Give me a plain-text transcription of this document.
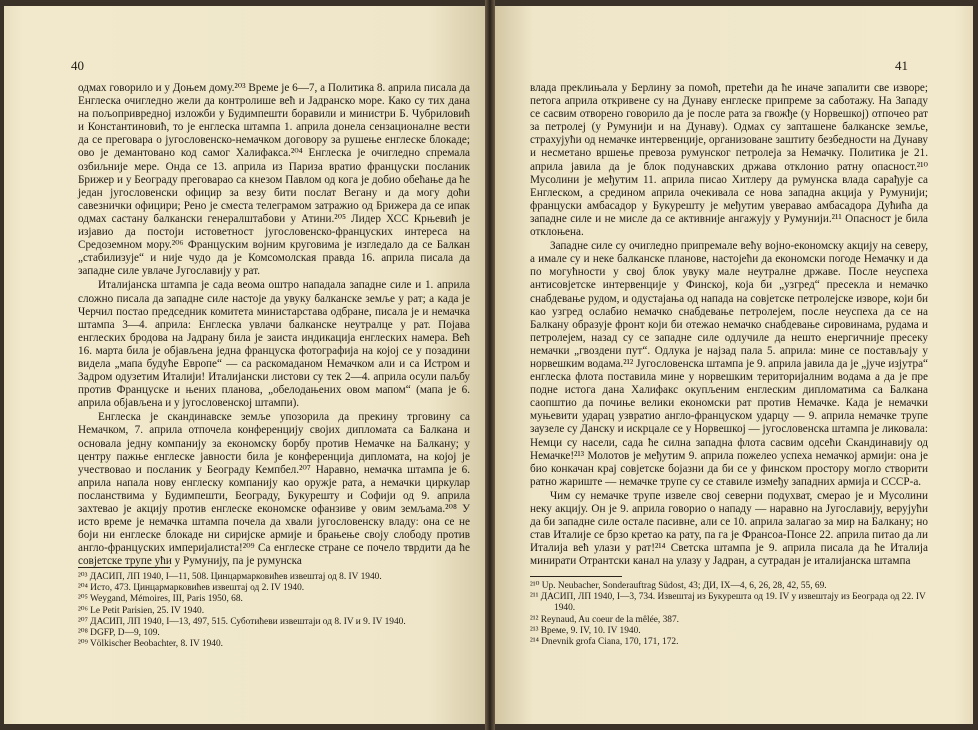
40

одмах говорило и у Доњем дому.²⁰³ Време је 6—7, а Политика 8. априла писала да Енглеска очигледно жели да контролише већ и Јадранско море. Како су тих дана на пољопривредној изложби у Будимпешти боравили и министри Б. Чубриловић и Константиновић, то је енглеска штампа 1. априла донела сензационалне вести да се преговара о југословенско-немачком договору за рушење енглеске блокаде; ово је демантовано код самог Халифакса.²⁰⁴ Енглеска је очигледно спремала озбиљније мере. Онда се 13. априла из Париза вратио француски посланик Брижер и у Београду преговарао са кнезом Павлом од кога је добио обећање да ће један југословенски официр за везу бити послат Вегану и да могу доћи савезнички официри; Рено је сместа телеграмом затражио од Брижера да се ипак одмах састану балкански генералштабови у Атини.²⁰⁵ Лидер ХСС Крњевић је изјавио да постоји истоветност југословенско-француских интереса на Средоземном мору.²⁰⁶ Француским војним круговима је изгледало да се Балкан „стабилизује“ и није чудо да је Комсомолская правда 16. априла писала да западне силе увлаче Југославију у рат.

Италијанска штампа је сада веома оштро нападала западне силе и 1. априла сложно писала да западне силе настоје да увуку балканске земље у рат; а када је Черчил постао председник комитета министарстава одбране, писала је и немачка штампа 3—4. априла: Енглеска увлачи балканске неутралце у рат. Појава енглеских бродова на Јадрану била је заиста индикација енглеских намера. Већ 16. марта била је објављена једна француска фотографија на којој се у позадини видела „мапа будуће Европе“ — са раскомаданом Немачком али и са Истром и Задром одузетим Италији! Италијански листови су тек 2—4. априла осули паљбу против Француске и њених планова, „обелодањених овом мапом“ (мапа је 6. априла објављена и у југословенској штампи).

Енглеска је скандинавске земље упозорила да прекину трговину са Немачком, 7. априла отпочела конференцију својих дипломата са Балкана и основала једну компанију за економску борбу против Немачке на Балкану; у центру пажње енглеске јавности била је конференција дипломата, на којој је учествовао и посланик у Београду Кемпбел.²⁰⁷ Наравно, немачка штампа је 6. априла напала нову енглеску компанију као оружје рата, а немачки циркулар посланствима у Будимпешти, Београду, Букурешту и Софији од 9. априла захтевао је акцију против енглеске економске офанзиве у овим земљама.²⁰⁸ У исто време је немачка штампа почела да хвали југословенску владу: она се не боји ни енглеске блокаде ни сиријске армије и брањење своју слободу против англо-француских империјалиста!²⁰⁹ Са енглеске стране се почело тврдити да ће совјетске трупе ући у Румунију, па је румунска

²⁰³ ДАСИП, ЛП 1940, I—11, 508. Цинцармарковићев извештај од 8. IV 1940.
²⁰⁴ Исто, 473. Цинцармарковићев извештај од 2. IV 1940.
²⁰⁵ Weygand, Mémoires, III, Paris 1950, 68.
²⁰⁶ Le Petit Parisien, 25. IV 1940.
²⁰⁷ ДАСИП, ЛП 1940, I—13, 497, 515. Суботићеви извештаји од 8. IV и 9. IV 1940.
²⁰⁸ DGFP, D—9, 109.
²⁰⁹ Völkischer Beobachter, 8. IV 1940.
41

влада преклињала у Берлину за помоћ, претећи да ће иначе запалити све изворе; петога априла откривене су на Дунаву енглеске припреме за саботажу. На Западу се сасвим отворено говорило да је после рата за гвожђе (у Норвешкој) отпочео рат за петролеј (у Румунији и на Дунаву). Одмах су запташене балканске земље, страхујући од немачке интервенције, организоване заштиту безбедности на Дунаву и несметано вршење превоза румунског петролеја за Немачку. Политика је 21. априла јавила да је блок подунавских држава отклонио ратну опасност.²¹⁰ Мусолини је међутим 11. априла писао Хитлеру да румунска влада сарађује са Енглеском, а средином априла очекивала се нова западна акција у Румунији; француски амбасадор у Букурешту је међутим уверавао амбасадора Дућића да западне силе и не мисле да се активније ангажују у Румунији.²¹¹ Опасност је била отклоњена.

Западне силе су очигледно припремале већу војно-економску акцију на северу, а имале су и неке балканске планове, настојећи да економски погоде Немачку и да по могућности у свој блок увуку мале неутралне државе. После неуспеха антисовјетске интервенције у Финској, која би „узгред“ пресекла и немачко снабдевање рудом, и одустајања од напада на совјетске петролејске изворе, који би као узгред ослабио немачко снабдевање петролејем, после неуспеха да се на Балкану образује фронт који би отежао немачко снабдевање сировинама, рудама и петролејем, назад су се западне силе одлучиле да нешто енергичније пресеку немачки „гвоздени пут“. Одлука је најзад пала 5. априла: мине се постављају у норвешким водама.²¹² Југословенска штампа је 9. априла јавила да је „јуче изјутра“ енглеска флота поставила мине у норвешким територијалним водама а да је пре подне истога дана Халифакс окупљеним енглеским дипломатима са Балкана саопштио да почиње велики економски рат против Немачке. Када је немачки муњевити ударац узвратио англо-француском ударцу — 9. априла немачке трупе заузеле су Данску и искрцале се у Норвешкој — југословенска штампа је ликовала: Немци су насели, сада ће силна западна флота сасвим одсећи Скандинавију од Немачке!²¹³ Молотов је међутим 9. априла пожелео успеха немачкој армији: она је био конкачан крај совјетске бојазни да би се у финском простору могло створити ратно жариште — немачке трупе су се ставиле између западних армија и СССР-а.

Чим су немачке трупе извеле свој северни подухват, смерао је и Мусолини неку акцију. Он је 9. априла говорио о нападу — наравно на Југославију, верујући да би западне силе остале пасивне, али се 10. априла залагао за мир на Балкану; но став Италије се брзо кретао ка рату, па га је Франсоа-Понсе 22. априла питао да ли Италија већ улази у рат!²¹⁴ Светска штампа је 9. априла писала да ће Италија минирати Отрантски канал на улазу у Јадран, а сутрадан је италијанска штампа

²¹⁰ Up. Neubacher, Sonderauftrag Südost, 43; ДИ, IX—4, 6, 26, 28, 42, 55, 69.
²¹¹ ДАСИП, ЛП 1940, I—3, 734. Извештај из Букурешта од 19. IV у извештају из Београда од 22. IV 1940.
²¹² Reynaud, Au coeur de la mêlée, 387.
²¹³ Време, 9. IV, 10. IV 1940.
²¹⁴ Dnevnik grofa Ciana, 170, 171, 172.
